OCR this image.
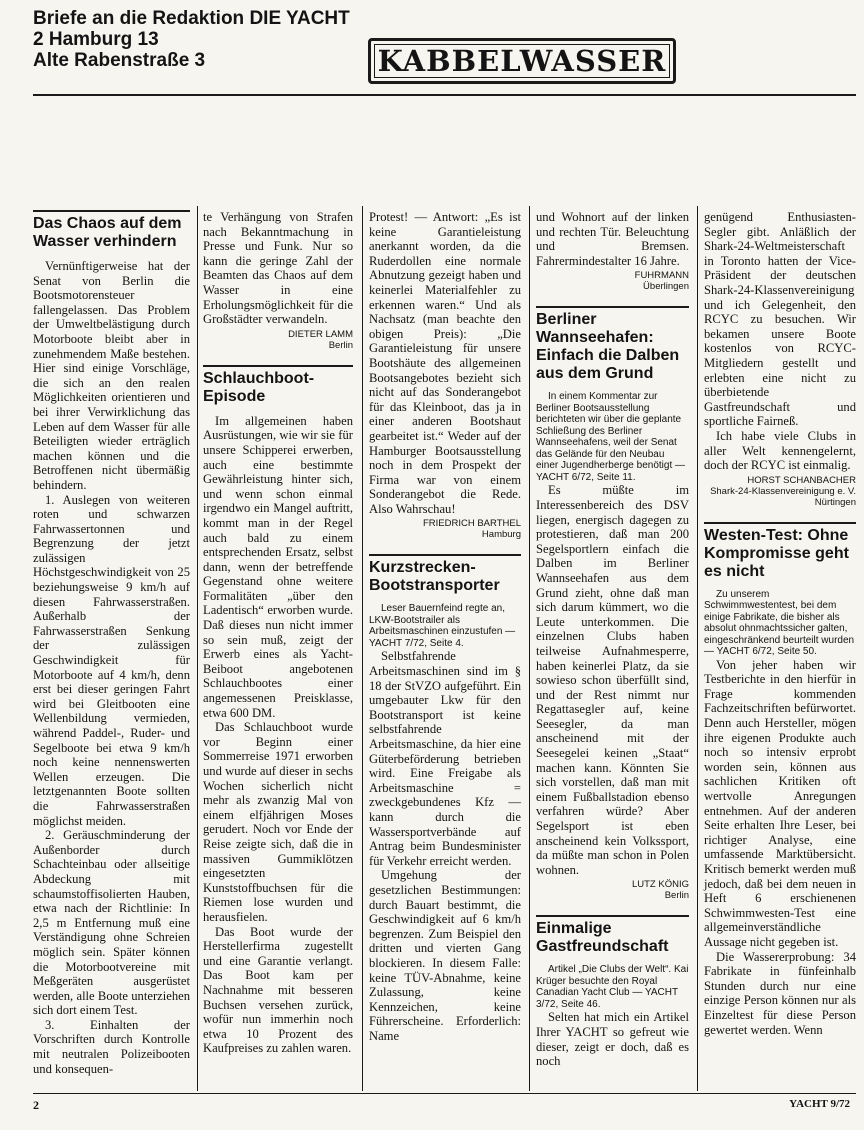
Briefe an die Redaktion DIE YACHT
2 Hamburg 13
Alte Rabenstraße 3	KABBELWASSER
Das Chaos auf dem Wasser verhindern

Vernünftigerweise hat der Senat von Berlin die Bootsmotorensteuer fallengelassen. Das Problem der Umweltbelästigung durch Motorboote bleibt aber in zunehmendem Maße bestehen. Hier sind einige Vorschläge, die sich an den realen Möglichkeiten orientieren und bei ihrer Verwirklichung das Leben auf dem Wasser für alle Beteiligten wieder erträglich machen können und die Betroffenen nicht übermäßig behindern.

1. Auslegen von weiteren roten und schwarzen Fahrwassertonnen und Begrenzung der jetzt zulässigen Höchstgeschwindigkeit von 25 beziehungsweise 9 km/h auf diesen Fahrwasserstraßen. Außerhalb der Fahrwasserstraßen Senkung der zulässigen Geschwindigkeit für Motorboote auf 4 km/h, denn erst bei dieser geringen Fahrt wird bei Gleitbooten eine Wellenbildung vermieden, während Paddel-, Ruder- und Segelboote bei etwa 9 km/h noch keine nennenswerten Wellen erzeugen. Die letztgenannten Boote sollten die Fahrwasserstraßen möglichst meiden.

2. Geräuschminderung der Außenborder durch Schachteinbau oder allseitige Abdeckung mit schaumstoffisolierten Hauben, etwa nach der Richtlinie: In 2,5 m Entfernung muß eine Verständigung ohne Schreien möglich sein. Später können die Motorbootvereine mit Meßgeräten ausgerüstet werden, alle Boote unterziehen sich dort einem Test.

3. Einhalten der Vorschriften durch Kontrolle mit neutralen Polizeibooten und konsequen-

te Verhängung von Strafen nach Bekanntmachung in Presse und Funk. Nur so kann die geringe Zahl der Beamten das Chaos auf dem Wasser in eine Erholungsmöglichkeit für die Großstädter verwandeln.

DIETER LAMM
Berlin
Schlauchboot-Episode

Im allgemeinen haben Ausrüstungen, wie wir sie für unsere Schipperei erwerben, auch eine bestimmte Gewährleistung hinter sich, und wenn schon einmal irgendwo ein Mangel auftritt, kommt man in der Regel auch bald zu einem entsprechenden Ersatz, selbst dann, wenn der betreffende Gegenstand ohne weitere Formalitäten „über den Ladentisch“ erworben wurde. Daß dieses nun nicht immer so sein muß, zeigt der Erwerb eines als Yacht-Beiboot angebotenen Schlauchbootes einer angemessenen Preisklasse, etwa 600 DM.

Das Schlauchboot wurde vor Beginn einer Sommerreise 1971 erworben und wurde auf dieser in sechs Wochen sicherlich nicht mehr als zwanzig Mal von einem elfjährigen Moses gerudert. Noch vor Ende der Reise zeigte sich, daß die in massiven Gummiklötzen eingesetzten Kunststoffbuchsen für die Riemen lose wurden und herausfielen.

Das Boot wurde der Herstellerfirma zugestellt und eine Garantie verlangt. Das Boot kam per Nachnahme mit besseren Buchsen versehen zurück, wofür nun immerhin noch etwa 10 Prozent des Kaufpreises zu zahlen waren.

Protest! — Antwort: „Es ist keine Garantieleistung anerkannt worden, da die Ruderdollen eine normale Abnutzung gezeigt haben und keinerlei Materialfehler zu erkennen waren.“ Und als Nachsatz (man beachte den obigen Preis): „Die Garantieleistung für unsere Bootshäute des allgemeinen Bootsangebotes bezieht sich nicht auf das Sonderangebot für das Kleinboot, das ja in einer anderen Bootshaut gearbeitet ist.“ Weder auf der Hamburger Bootsausstellung noch in dem Prospekt der Firma war von einem Sonderangebot die Rede. Also Wahrschau!

FRIEDRICH BARTHEL
Hamburg
Kurzstrecken-Bootstransporter

Leser Bauernfeind regte an, LKW-Bootstrailer als Arbeitsmaschinen einzustufen — YACHT 7/72, Seite 4.

Selbstfahrende Arbeitsmaschinen sind im § 18 der StVZO aufgeführt. Ein umgebauter Lkw für den Bootstransport ist keine selbstfahrende Arbeitsmaschine, da hier eine Güterbeförderung betrieben wird. Eine Freigabe als Arbeitsmaschine = zweckgebundenes Kfz — kann durch die Wassersportverbände auf Antrag beim Bundesminister für Verkehr erreicht werden.

Umgehung der gesetzlichen Bestimmungen: durch Bauart bestimmt, die Geschwindigkeit auf 6 km/h begrenzen. Zum Beispiel den dritten und vierten Gang blockieren. In diesem Falle: keine TÜV-Abnahme, keine Zulassung, keine Kennzeichen, keine Führerscheine. Erforderlich: Name

und Wohnort auf der linken und rechten Tür. Beleuchtung und Bremsen. Fahrermindestalter 16 Jahre.

FUHRMANN
Überlingen
Berliner Wannseehafen: Einfach die Dalben aus dem Grund

In einem Kommentar zur Berliner Bootsausstellung berichteten wir über die geplante Schließung des Berliner Wannseehafens, weil der Senat das Gelände für den Neubau einer Jugendherberge benötigt — YACHT 6/72, Seite 11.

Es müßte im Interessenbereich des DSV liegen, energisch dagegen zu protestieren, daß man 200 Segelsportlern einfach die Dalben im Berliner Wannseehafen aus dem Grund zieht, ohne daß man sich darum kümmert, wo die Leute unterkommen. Die einzelnen Clubs haben teilweise Aufnahmesperre, haben keinerlei Platz, da sie sowieso schon überfüllt sind, und der Rest nimmt nur Regattasegler auf, keine Seesegler, da man anscheinend mit der Seesegelei keinen „Staat“ machen kann. Könnten Sie sich vorstellen, daß man mit einem Fußballstadion ebenso verfahren würde? Aber Segelsport ist eben anscheinend kein Volkssport, da müßte man schon in Polen wohnen.

LUTZ KÖNIG
Berlin
Einmalige Gastfreundschaft

Artikel „Die Clubs der Welt“. Kai Krüger besuchte den Royal Canadian Yacht Club — YACHT 3/72, Seite 46.

Selten hat mich ein Artikel Ihrer YACHT so gefreut wie dieser, zeigt er doch, daß es noch

genügend Enthusiasten-Segler gibt. Anläßlich der Shark-24-Weltmeisterschaft in Toronto hatten der Vice-Präsident der deutschen Shark-24-Klassenvereinigung und ich Gelegenheit, den RCYC zu besuchen. Wir bekamen unsere Boote kostenlos von RCYC-Mitgliedern gestellt und erlebten eine nicht zu überbietende Gastfreundschaft und sportliche Fairneß.

Ich habe viele Clubs in aller Welt kennengelernt, doch der RCYC ist einmalig.

HORST SCHANBACHER
Shark-24-Klassenvereinigung e. V.
Nürtingen
Westen-Test: Ohne Kompromisse geht es nicht

Zu unserem Schwimmwestentest, bei dem einige Fabrikate, die bisher als absolut ohnmachtssicher galten, eingeschränkend beurteilt wurden — YACHT 6/72, Seite 50.

Von jeher haben wir Testberichte in den hierfür in Frage kommenden Fachzeitschriften befürwortet. Denn auch Hersteller, mögen ihre eigenen Produkte auch noch so intensiv erprobt worden sein, können aus sachlichen Kritiken oft wertvolle Anregungen entnehmen. Auf der anderen Seite erhalten Ihre Leser, bei richtiger Analyse, eine umfassende Marktübersicht. Kritisch bemerkt werden muß jedoch, daß bei dem neuen in Heft 6 erschienenen Schwimmwesten-Test eine allgemeinverständliche Aussage nicht gegeben ist.

Die Wassererprobung: 34 Fabrikate in fünfeinhalb Stunden durch nur eine einzige Person können nur als Einzeltest für diese Person gewertet werden. Wenn

2	YACHT 9/72
